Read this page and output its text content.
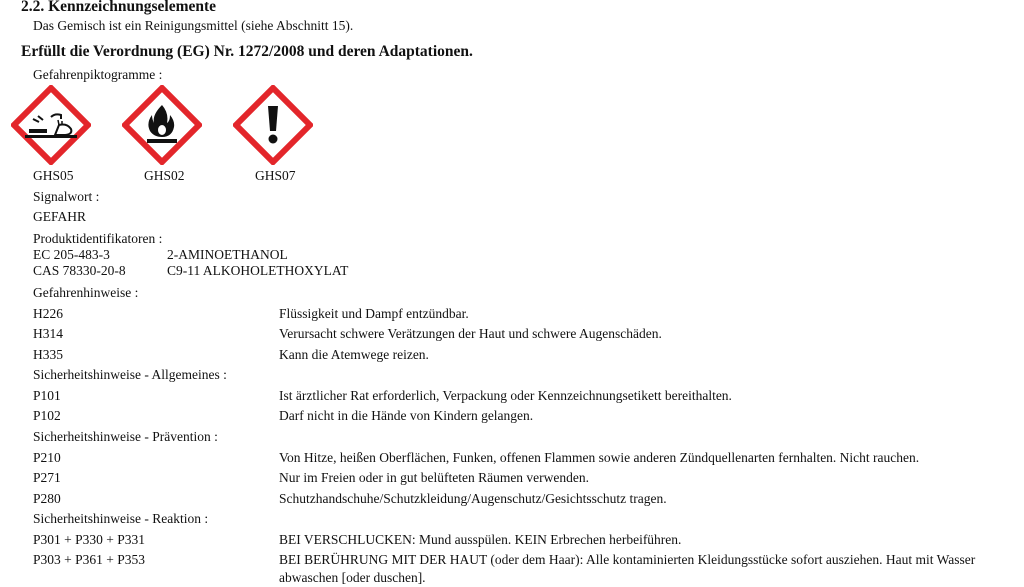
2.2. Kennzeichnungselemente
Das Gemisch ist ein Reinigungsmittel (siehe Abschnitt 15).
Erfüllt die Verordnung (EG) Nr. 1272/2008 und deren Adaptationen.
Gefahrenpiktogramme :
GHS05	GHS02	GHS07
Signalwort :
GEFAHR
Produktidentifikatoren :
EC 205-483-3	2-AMINOETHANOL
CAS 78330-20-8	C9-11 ALKOHOLETHOXYLAT
Gefahrenhinweise :
H226	Flüssigkeit und Dampf entzündbar.
H314	Verursacht schwere Verätzungen der Haut und schwere Augenschäden.
H335	Kann die Atemwege reizen.
Sicherheitshinweise - Allgemeines :
P101	Ist ärztlicher Rat erforderlich, Verpackung oder Kennzeichnungsetikett bereithalten.
P102	Darf nicht in die Hände von Kindern gelangen.
Sicherheitshinweise - Prävention :
P210	Von Hitze, heißen Oberflächen, Funken, offenen Flammen sowie anderen Zündquellenarten fernhalten. Nicht rauchen.
P271	Nur im Freien oder in gut belüfteten Räumen verwenden.
P280	Schutzhandschuhe/Schutzkleidung/Augenschutz/Gesichtsschutz tragen.
Sicherheitshinweise - Reaktion :
P301 + P330 + P331	BEI VERSCHLUCKEN: Mund ausspülen. KEIN Erbrechen herbeiführen.
P303 + P361 + P353	BEI BERÜHRUNG MIT DER HAUT (oder dem Haar): Alle kontaminierten Kleidungsstücke sofort ausziehen. Haut mit Wasser abwaschen [oder duschen].
